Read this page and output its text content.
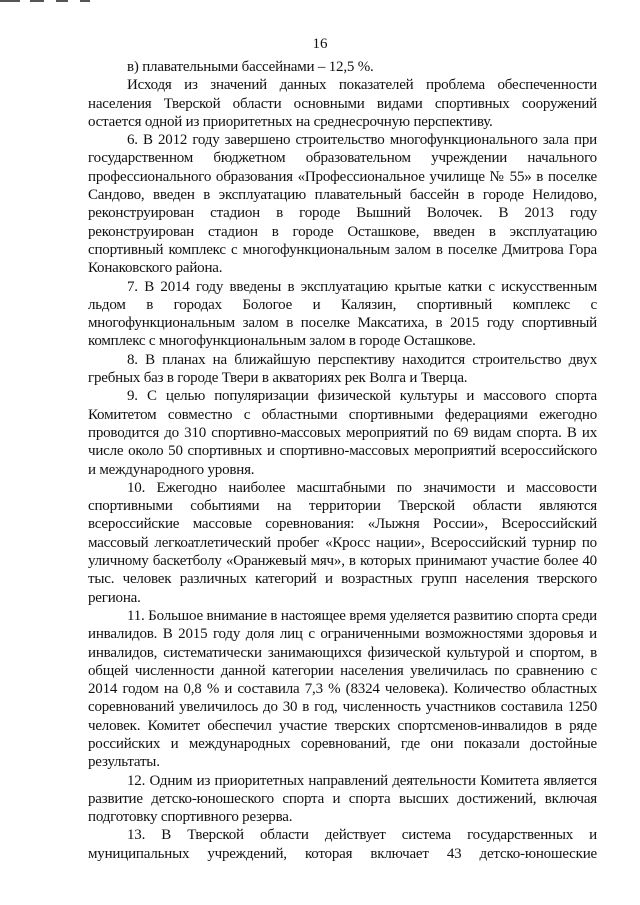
16

в) плавательными бассейнами – 12,5 %.

Исходя из значений данных показателей проблема обеспеченности населения Тверской области основными видами спортивных сооружений остается одной из приоритетных на среднесрочную перспективу.

6. В 2012 году завершено строительство многофункционального зала при государственном бюджетном образовательном учреждении начального профессионального образования «Профессиональное училище № 55» в поселке Сандово, введен в эксплуатацию плавательный бассейн в городе Нелидово, реконструирован стадион в городе Вышний Волочек. В 2013 году реконструирован стадион в городе Осташкове, введен в эксплуатацию спортивный комплекс с многофункциональным залом в поселке Дмитрова Гора Конаковского района.

7. В 2014 году введены в эксплуатацию крытые катки с искусственным льдом в городах Бологое и Калязин, спортивный комплекс с многофункциональным залом в поселке Максатиха, в 2015 году спортивный комплекс с многофункциональным залом в городе Осташкове.

8. В планах на ближайшую перспективу находится строительство двух гребных баз в городе Твери в акваториях рек Волга и Тверца.

9. С целью популяризации физической культуры и массового спорта Комитетом совместно с областными спортивными федерациями ежегодно проводится до 310 спортивно-массовых мероприятий по 69 видам спорта. В их числе около 50 спортивных и спортивно-массовых мероприятий всероссийского и международного уровня.

10. Ежегодно наиболее масштабными по значимости и массовости спортивными событиями на территории Тверской области являются всероссийские массовые соревнования: «Лыжня России», Всероссийский массовый легкоатлетический пробег «Кросс нации», Всероссийский турнир по уличному баскетболу «Оранжевый мяч», в которых принимают участие более 40 тыс. человек различных категорий и возрастных групп населения тверского региона.

11. Большое внимание в настоящее время уделяется развитию спорта среди инвалидов. В 2015 году доля лиц с ограниченными возможностями здоровья и инвалидов, систематически занимающихся физической культурой и спортом, в общей численности данной категории населения увеличилась по сравнению с 2014 годом на 0,8 % и составила 7,3 % (8324 человека). Количество областных соревнований увеличилось до 30 в год, численность участников составила 1250 человек. Комитет обеспечил участие тверских спортсменов-инвалидов в ряде российских и международных соревнований, где они показали достойные результаты.

12. Одним из приоритетных направлений деятельности Комитета является развитие детско-юношеского спорта и спорта высших достижений, включая подготовку спортивного резерва.

13. В Тверской области действует система государственных и муниципальных учреждений, которая включает 43 детско-юношеские
